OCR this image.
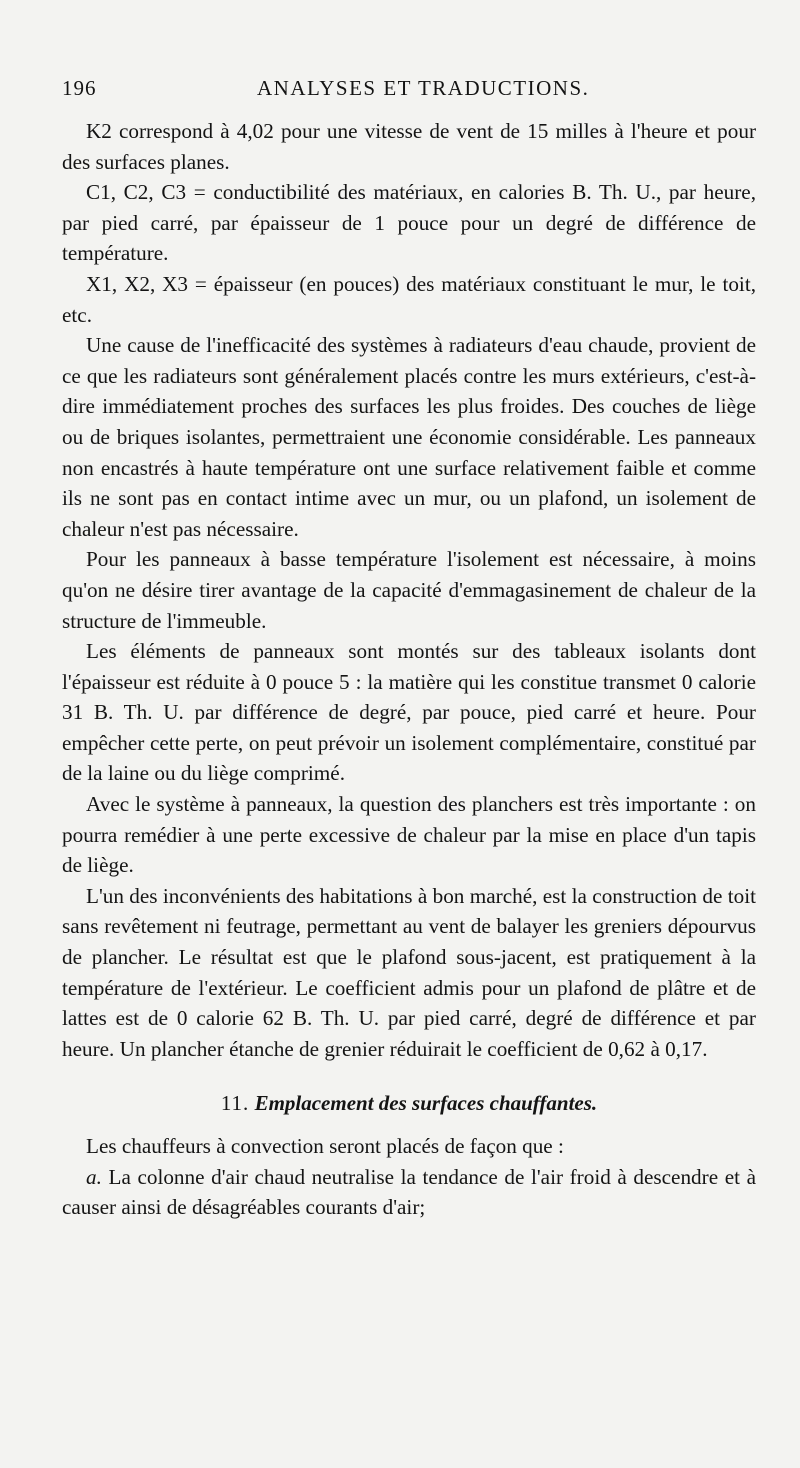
196	ANALYSES ET TRADUCTIONS.

K2 correspond à 4,02 pour une vitesse de vent de 15 milles à l'heure et pour des surfaces planes.

C1, C2, C3 = conductibilité des matériaux, en calories B. Th. U., par heure, par pied carré, par épaisseur de 1 pouce pour un degré de différence de température.

X1, X2, X3 = épaisseur (en pouces) des matériaux constituant le mur, le toit, etc.

Une cause de l'inefficacité des systèmes à radiateurs d'eau chaude, provient de ce que les radiateurs sont généralement placés contre les murs extérieurs, c'est-à-dire immédiatement proches des surfaces les plus froides. Des couches de liège ou de briques isolantes, permettraient une économie considérable. Les panneaux non encastrés à haute température ont une surface relativement faible et comme ils ne sont pas en contact intime avec un mur, ou un plafond, un isolement de chaleur n'est pas nécessaire.

Pour les panneaux à basse température l'isolement est nécessaire, à moins qu'on ne désire tirer avantage de la capacité d'emmagasinement de chaleur de la structure de l'immeuble.

Les éléments de panneaux sont montés sur des tableaux isolants dont l'épaisseur est réduite à 0 pouce 5 : la matière qui les constitue transmet 0 calorie 31 B. Th. U. par différence de degré, par pouce, pied carré et heure. Pour empêcher cette perte, on peut prévoir un isolement complémentaire, constitué par de la laine ou du liège comprimé.

Avec le système à panneaux, la question des planchers est très importante : on pourra remédier à une perte excessive de chaleur par la mise en place d'un tapis de liège.

L'un des inconvénients des habitations à bon marché, est la construction de toit sans revêtement ni feutrage, permettant au vent de balayer les greniers dépourvus de plancher. Le résultat est que le plafond sous-jacent, est pratiquement à la température de l'extérieur. Le coefficient admis pour un plafond de plâtre et de lattes est de 0 calorie 62 B. Th. U. par pied carré, degré de différence et par heure. Un plancher étanche de grenier réduirait le coefficient de 0,62 à 0,17.

11. Emplacement des surfaces chauffantes.

Les chauffeurs à convection seront placés de façon que :

a. La colonne d'air chaud neutralise la tendance de l'air froid à descendre et à causer ainsi de désagréables courants d'air;
